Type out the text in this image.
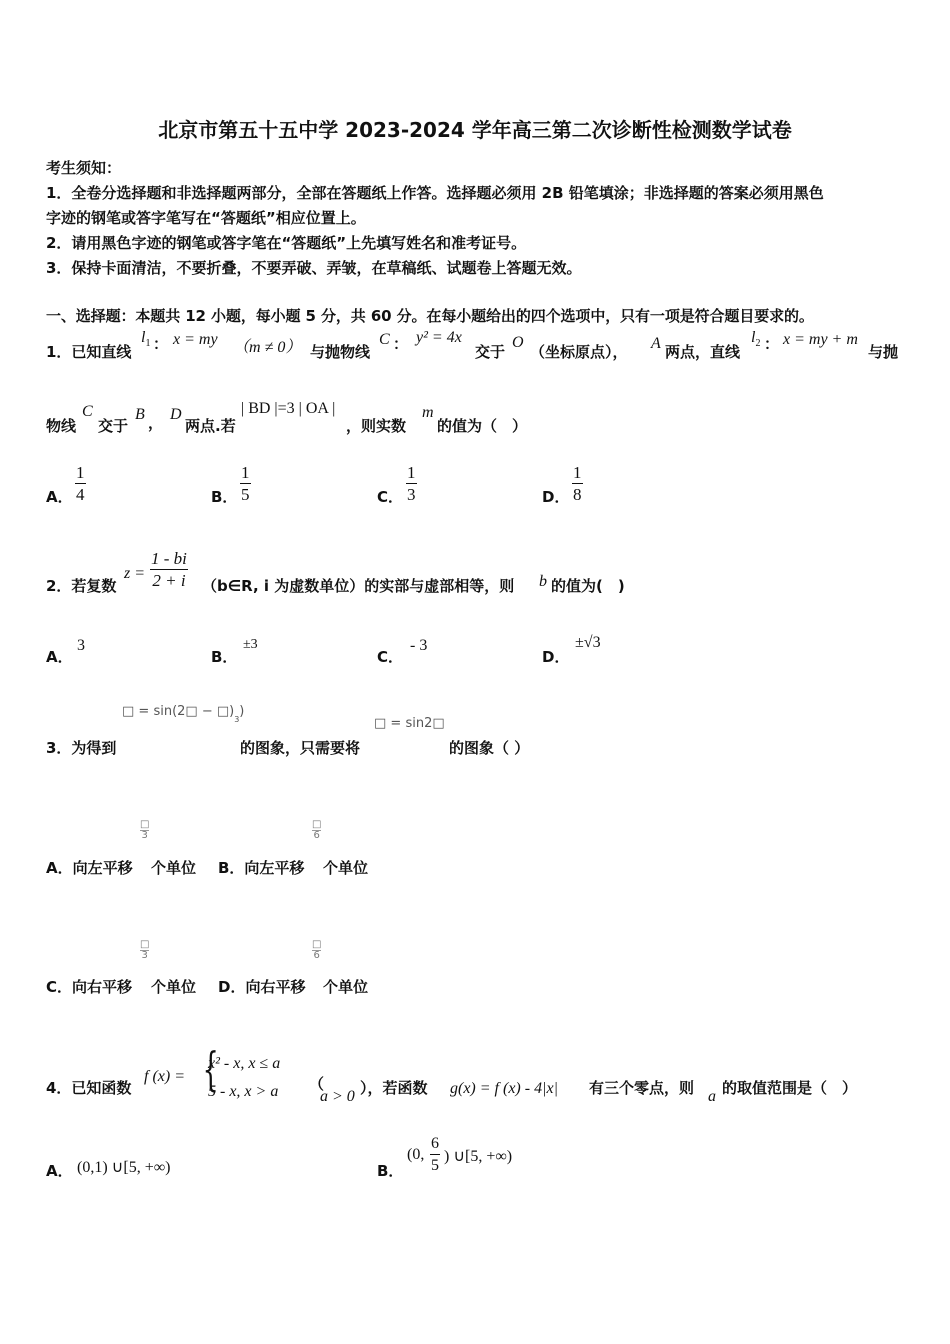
北京市第五十五中学 2023-2024 学年高三第二次诊断性检测数学试卷
考生须知：
1．全卷分选择题和非选择题两部分，全部在答题纸上作答。选择题必须用 2B 铅笔填涂；非选择题的答案必须用黑色
字迹的钢笔或答字笔写在“答题纸”相应位置上。
2．请用黑色字迹的钢笔或答字笔在“答题纸”上先填写姓名和准考证号。
3．保持卡面清洁，不要折叠，不要弄破、弄皱，在草稿纸、试题卷上答题无效。
一、选择题：本题共 12 小题，每小题 5 分，共 60 分。在每小题给出的四个选项中，只有一项是符合题目要求的。
1．已知直线
$l_1$ ： x = my （m ≠ 0） 与抛物线
C ： y² = 4x
交于
O
（坐标原点）， A 两点，直线
$l_2$ ： x = my + m
与抛
物线
C
交于
B ， D
两点.若
| BD |=3 | OA |
，则实数
m
的值为（　）
A． $\frac{1}{4}$	B． $\frac{1}{5}$	C． $\frac{1}{3}$	D． $\frac{1}{8}$
2．若复数
$z = \frac{1 - bi}{2 + i}$ （b∈R, i 为虚数单位）的实部与虚部相等，则 b 的值为(　)
A．
3
B．
±3
C．
- 3
D．
±√3
□ = sin(2□ − $□)_3$)
□ = sin2□
3．为得到	的图象，只需要将	的图象（ ）
□
3
□
6
A．向左平移 个单位 B．向左平移 个单位
□
3
□
6
C．向右平移 个单位 D．向右平移 个单位
4．已知函数
f (x) = {
x² - x, x ≤ a
5 - x, x > a （
a > 0 ），若函数 g(x) = f (x) - 4|x| 有三个零点，则 a 的取值范围是（　）
A． (0,1) ∪[5, +∞)	B．
(0, $\frac{6}{5}$ ) ∪[5, +∞)
